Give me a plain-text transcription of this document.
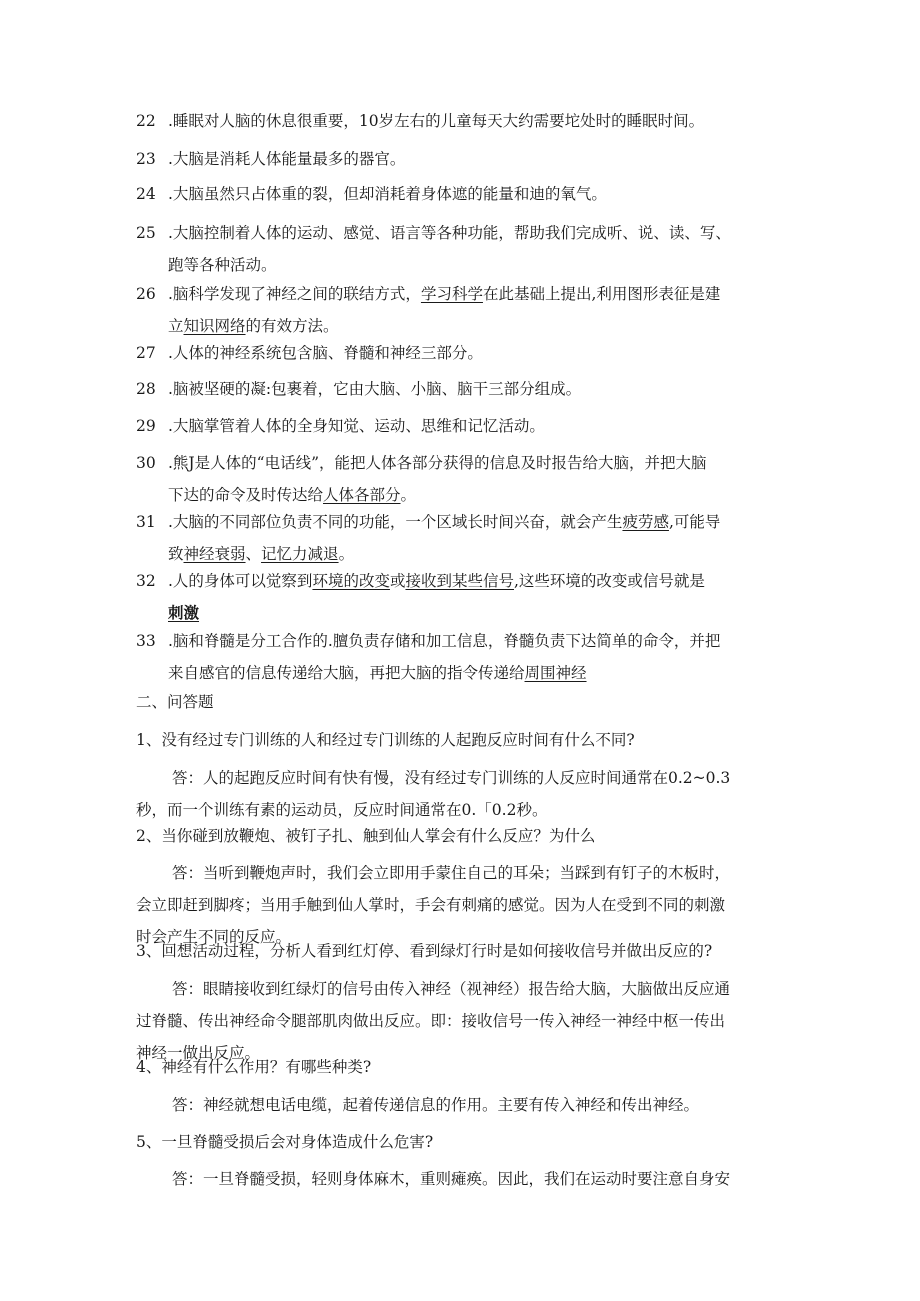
22 .睡眠对人脑的休息很重要，10岁左右的儿童每天大约需要坨处时的睡眠时间。
23 .大脑是消耗人体能量最多的器官。
24 .大脑虽然只占体重的裂，但却消耗着身体遮的能量和迪的氧气。
25 .大脑控制着人体的运动、感觉、语言等各种功能，帮助我们完成听、说、读、写、
跑等各种活动。
26 .脑科学发现了神经之间的联结方式，学习科学在此基础上提出,利用图形表征是建
立知识网络的有效方法。
27 .人体的神经系统包含脑、脊髓和神经三部分。
28 .脑被坚硬的凝:包裹着，它由大脑、小脑、脑干三部分组成。
29 .大脑掌管着人体的全身知觉、运动、思维和记忆活动。
30 .熊J是人体的“电话线”，能把人体各部分获得的信息及时报告给大脑，并把大脑
下达的命令及时传达给人体各部分。
31 .大脑的不同部位负责不同的功能，一个区域长时间兴奋，就会产生疲劳感,可能导
致神经衰弱、记忆力减退。
32 .人的身体可以觉察到环境的改变或接收到某些信号,这些环境的改变或信号就是
刺激
33 .脑和脊髓是分工合作的.膻负责存储和加工信息，脊髓负责下达简单的命令，并把
来自感官的信息传递给大脑，再把大脑的指令传递给周围神经
二、问答题
1、没有经过专门训练的人和经过专门训练的人起跑反应时间有什么不同?
答：人的起跑反应时间有快有慢，没有经过专门训练的人反应时间通常在0.2~0.3
秒，而一个训练有素的运动员，反应时间通常在0.「0.2秒。
2、当你碰到放鞭炮、被钉子扎、触到仙人掌会有什么反应？为什么
答：当听到鞭炮声时，我们会立即用手蒙住自己的耳朵；当踩到有钉子的木板时，
会立即赶到脚疼；当用手触到仙人掌时，手会有刺痛的感觉。因为人在受到不同的刺激
时会产生不同的反应。
3、回想活动过程，分析人看到红灯停、看到绿灯行时是如何接收信号并做出反应的?
答：眼睛接收到红绿灯的信号由传入神经（视神经）报告给大脑，大脑做出反应通
过脊髓、传出神经命令腿部肌肉做出反应。即：接收信号一传入神经一神经中枢一传出
神经一做出反应。
4、神经有什么作用？有哪些种类?
答：神经就想电话电缆，起着传递信息的作用。主要有传入神经和传出神经。
5、一旦脊髓受损后会对身体造成什么危害?
答：一旦脊髓受损，轻则身体麻木，重则瘫痪。因此，我们在运动时要注意自身安
